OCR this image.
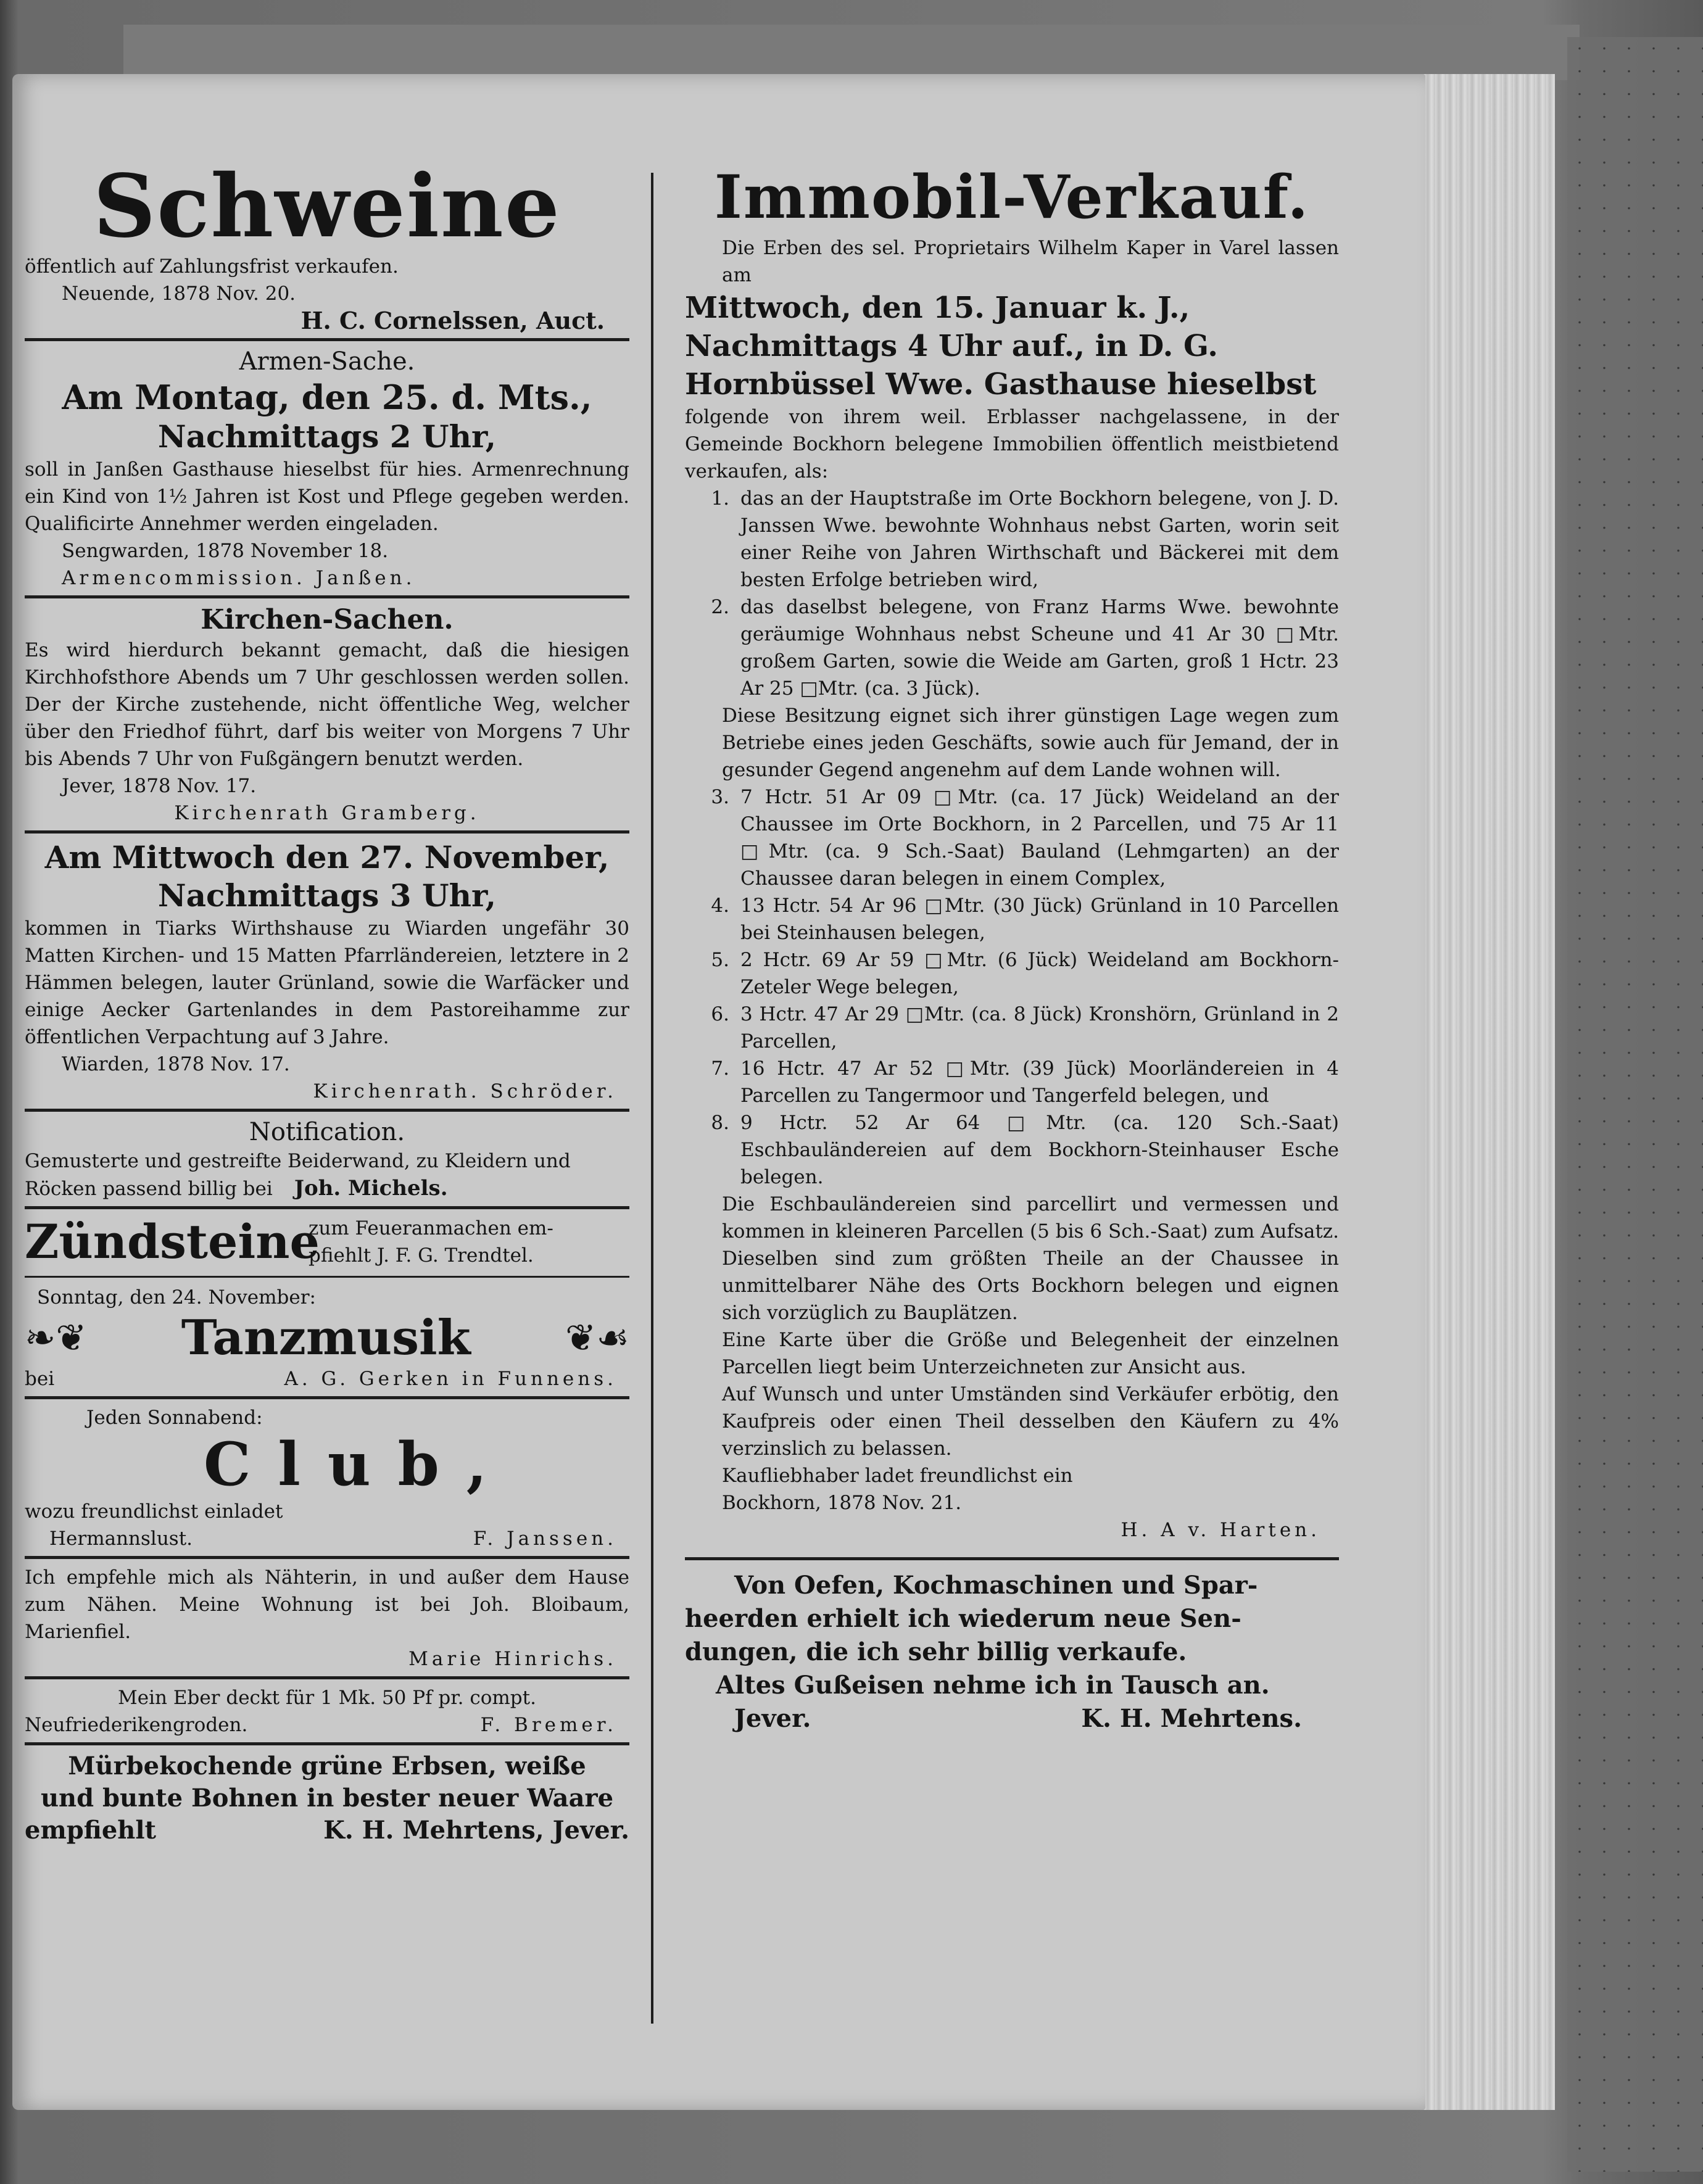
Schweine

öffentlich auf Zahlungsfrist verkaufen.

Neuende, 1878 Nov. 20.

H. C. Cornelssen, Auct.

Armen-Sache.
Am Montag, den 25. d. Mts.,
Nachmittags 2 Uhr,

soll in Janßen Gasthause hieselbst für hies. Armenrechnung ein Kind von 1½ Jahren ist Kost und Pflege gegeben werden. Qualificirte Annehmer werden eingeladen.

Sengwarden, 1878 November 18.

Armencommission. Janßen.

Kirchen-Sachen.

Es wird hierdurch bekannt gemacht, daß die hiesigen Kirchhofsthore Abends um 7 Uhr geschlossen werden sollen. Der der Kirche zustehende, nicht öffentliche Weg, welcher über den Friedhof führt, darf bis weiter von Morgens 7 Uhr bis Abends 7 Uhr von Fußgängern benutzt werden.

Jever, 1878 Nov. 17.

Kirchenrath Gramberg.

Am Mittwoch den 27. November,
Nachmittags 3 Uhr,

kommen in Tiarks Wirthshause zu Wiarden ungefähr 30 Matten Kirchen- und 15 Matten Pfarrländereien, letztere in 2 Hämmen belegen, lauter Grünland, sowie die Warfäcker und einige Aecker Gartenlandes in dem Pastoreihamme zur öffentlichen Verpachtung auf 3 Jahre.

Wiarden, 1878 Nov. 17.

Kirchenrath. Schröder.

Notification.

Gemusterte und gestreifte Beiderwand, zu Kleidern und Röcken passend billig bei Joh. Michels.
Zündsteine

zum Feueranmachen em-

pfiehlt J. F. G. Trendtel.

Sonntag, den 24. November:

❧❦ Tanzmusik	❦☙
bei	A. G. Gerken in Funnens.

Jeden Sonnabend:

Club,

wozu freundlichst einladet

Hermannslust.	F. Janssen.

Ich empfehle mich als Nähterin, in und außer dem Hause zum Nähen. Meine Wohnung ist bei Joh. Bloibaum, Marienfiel.

Marie Hinrichs.

Mein Eber deckt für 1 Mk. 50 Pf pr. compt.

Neufriederikengroden.	F. Bremer.
Mürbekochende grüne Erbsen, weiße
und bunte Bohnen in bester neuer Waare
empfiehlt	K. H. Mehrtens, Jever.
Immobil-Verkauf.

Die Erben des sel. Proprietairs Wilhelm Kaper in Varel lassen am

Mittwoch, den 15. Januar k. J.,
Nachmittags 4 Uhr auf., in D. G.
Hornbüssel Wwe. Gasthause hieselbst

folgende von ihrem weil. Erblasser nachgelassene, in der Gemeinde Bockhorn belegene Immobilien öffentlich meistbietend verkaufen, als:

1. das an der Hauptstraße im Orte Bockhorn belegene, von J. D. Janssen Wwe. bewohnte Wohnhaus nebst Garten, worin seit einer Reihe von Jahren Wirthschaft und Bäckerei mit dem besten Erfolge betrieben wird,
2. das daselbst belegene, von Franz Harms Wwe. bewohnte geräumige Wohnhaus nebst Scheune und 41 Ar 30 □Mtr. großem Garten, sowie die Weide am Garten, groß 1 Hctr. 23 Ar 25 □Mtr. (ca. 3 Jück).

Diese Besitzung eignet sich ihrer günstigen Lage wegen zum Betriebe eines jeden Geschäfts, sowie auch für Jemand, der in gesunder Gegend angenehm auf dem Lande wohnen will.

3. 7 Hctr. 51 Ar 09 □Mtr. (ca. 17 Jück) Weideland an der Chaussee im Orte Bockhorn, in 2 Parcellen, und 75 Ar 11 □Mtr. (ca. 9 Sch.-Saat) Bauland (Lehmgarten) an der Chaussee daran belegen in einem Complex,
4. 13 Hctr. 54 Ar 96 □Mtr. (30 Jück) Grünland in 10 Parcellen bei Steinhausen belegen,
5. 2 Hctr. 69 Ar 59 □Mtr. (6 Jück) Weideland am Bockhorn-Zeteler Wege belegen,
6. 3 Hctr. 47 Ar 29 □Mtr. (ca. 8 Jück) Kronshörn, Grünland in 2 Parcellen,
7. 16 Hctr. 47 Ar 52 □Mtr. (39 Jück) Moorländereien in 4 Parcellen zu Tangermoor und Tangerfeld belegen, und
8. 9 Hctr. 52 Ar 64 □Mtr. (ca. 120 Sch.-Saat) Eschbauländereien auf dem Bockhorn-Steinhauser Esche belegen.

Die Eschbauländereien sind parcellirt und vermessen und kommen in kleineren Parcellen (5 bis 6 Sch.-Saat) zum Aufsatz. Dieselben sind zum größten Theile an der Chaussee in unmittelbarer Nähe des Orts Bockhorn belegen und eignen sich vorzüglich zu Bauplätzen.

Eine Karte über die Größe und Belegenheit der einzelnen Parcellen liegt beim Unterzeichneten zur Ansicht aus.

Auf Wunsch und unter Umständen sind Verkäufer erbötig, den Kaufpreis oder einen Theil desselben den Käufern zu 4% verzinslich zu belassen.

Kaufliebhaber ladet freundlichst ein

Bockhorn, 1878 Nov. 21.

H. A v. Harten.

Von Oefen, Kochmaschinen und Spar-
heerden erhielt ich wiederum neue Sen-
dungen, die ich sehr billig verkaufe.
Altes Gußeisen nehme ich in Tausch an.
Jever.	K. H. Mehrtens.
